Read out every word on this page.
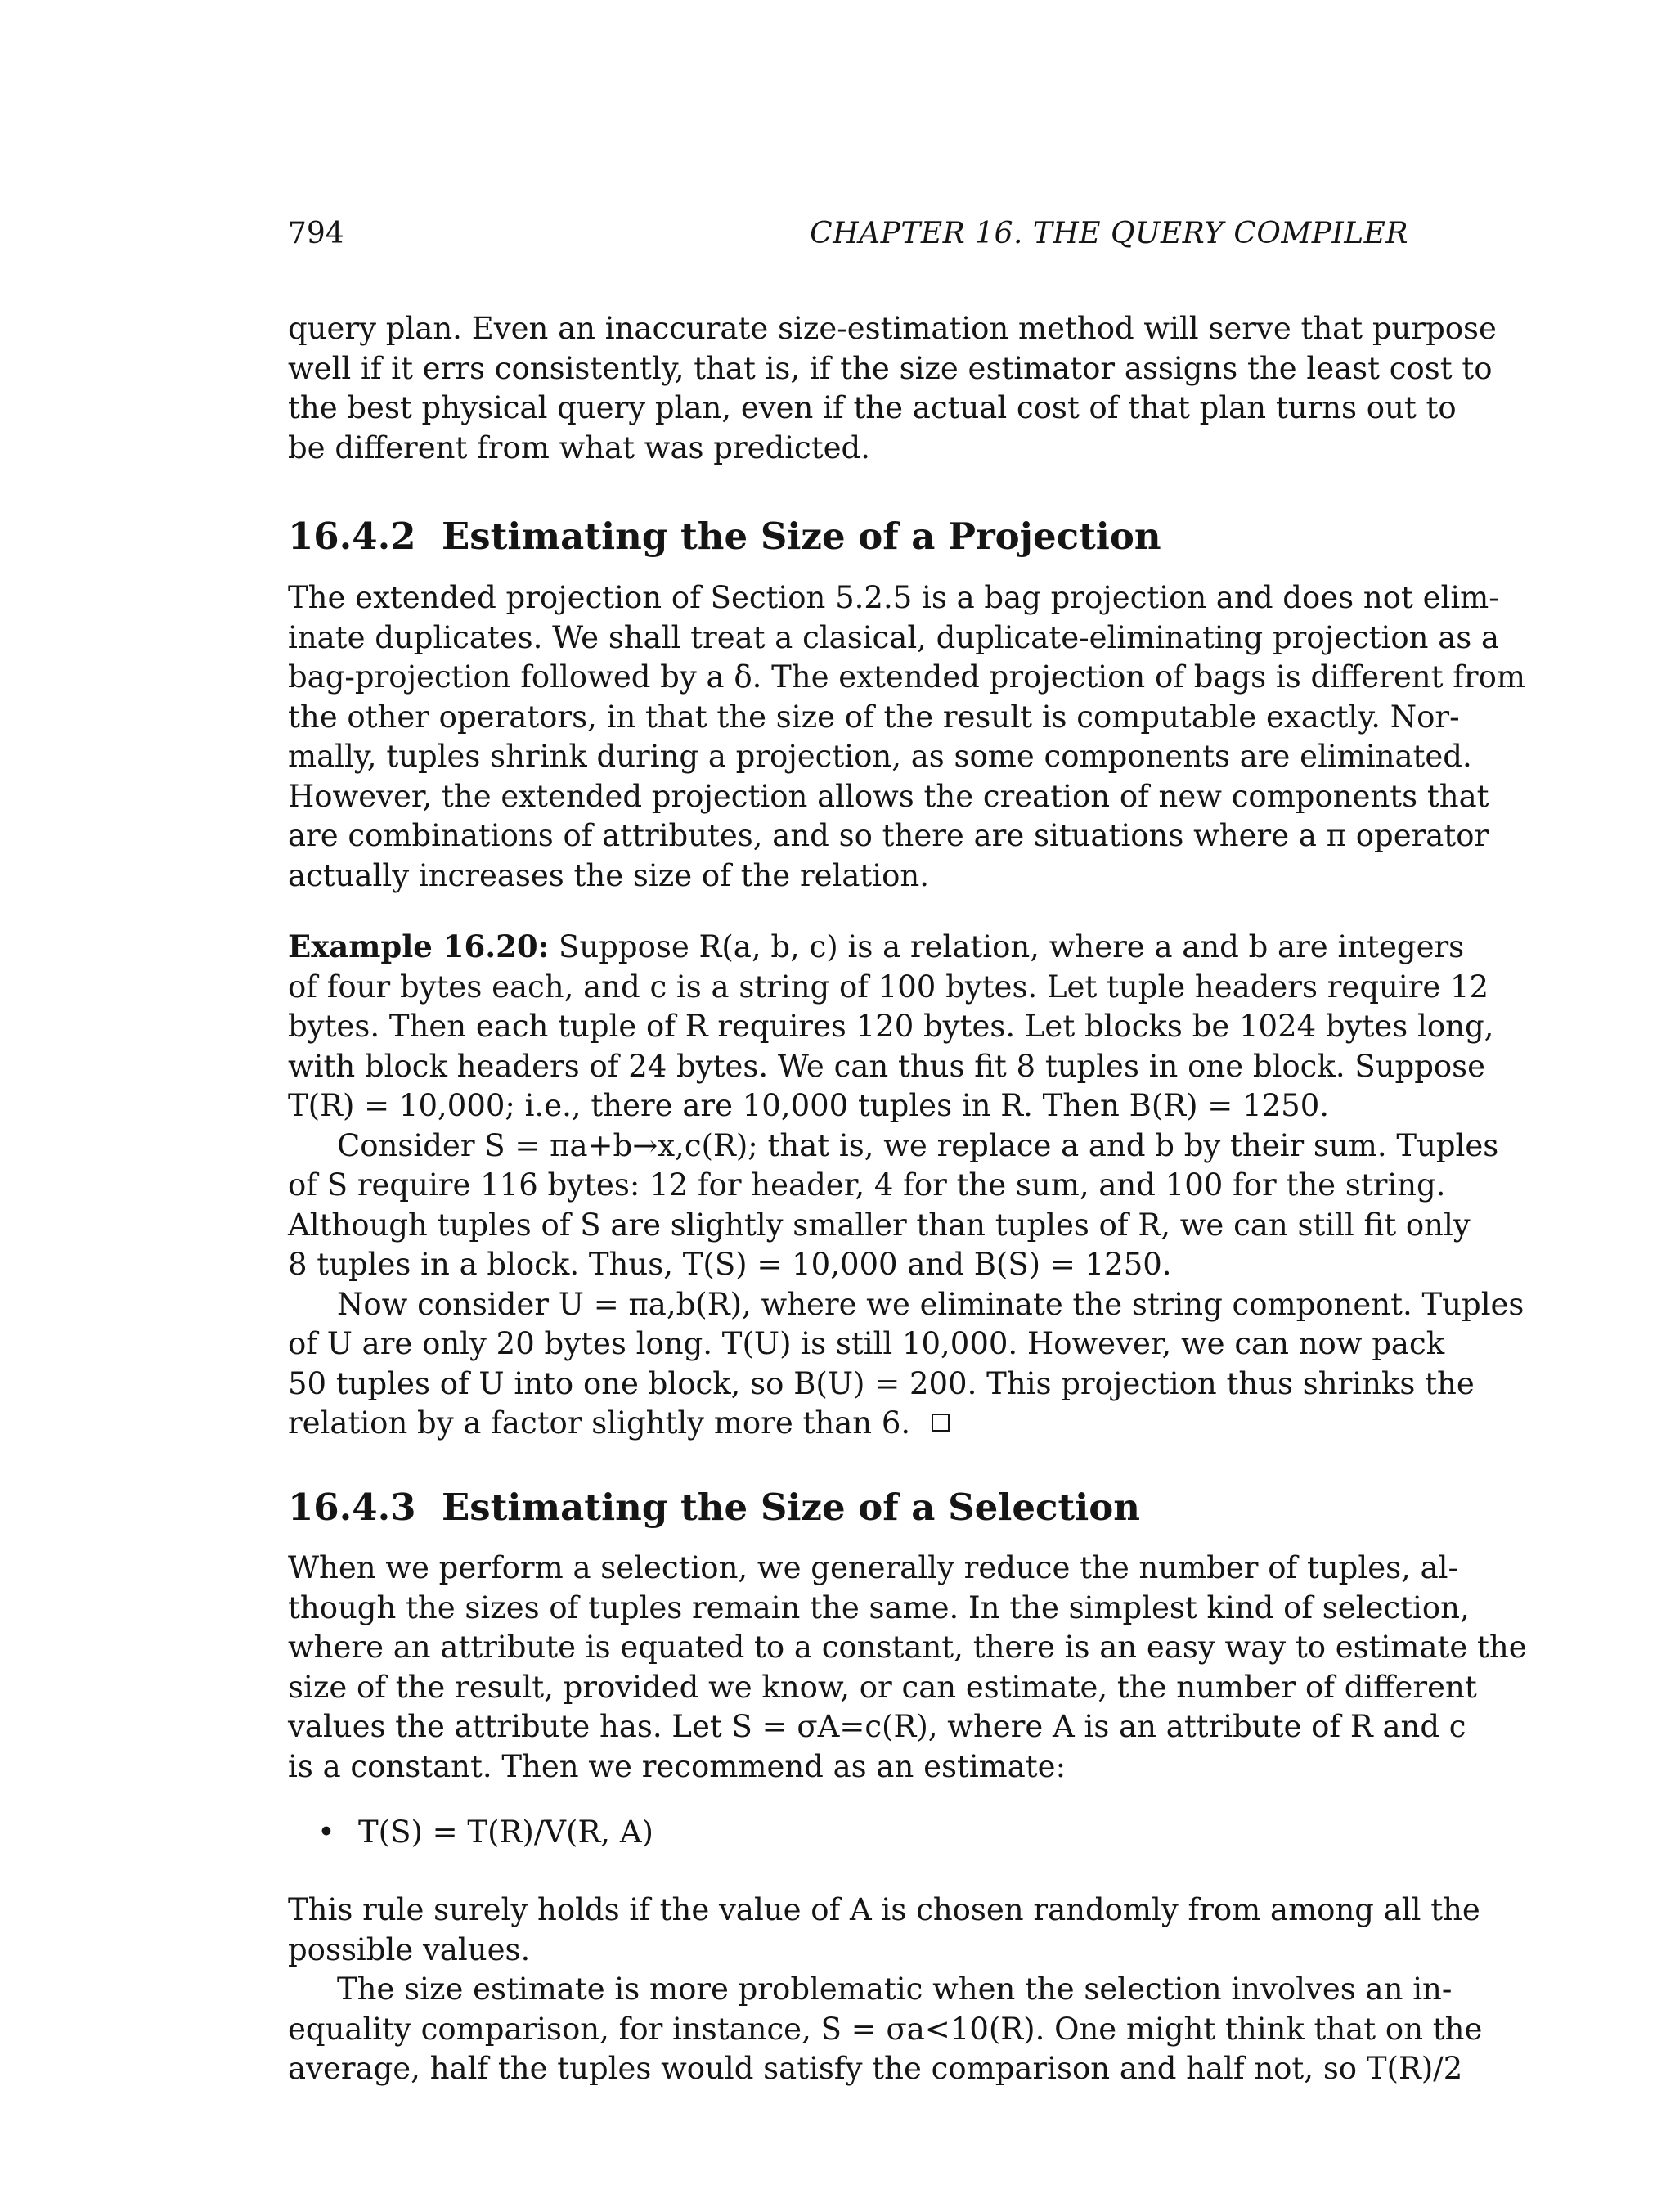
794	CHAPTER 16. THE QUERY COMPILER
query plan. Even an inaccurate size-estimation method will serve that purpose
well if it errs consistently, that is, if the size estimator assigns the least cost to
the best physical query plan, even if the actual cost of that plan turns out to
be different from what was predicted.
16.4.2 Estimating the Size of a Projection
The extended projection of Section 5.2.5 is a bag projection and does not elim-
inate duplicates. We shall treat a clasical, duplicate-eliminating projection as a
bag-projection followed by a δ. The extended projection of bags is different from
the other operators, in that the size of the result is computable exactly. Nor-
mally, tuples shrink during a projection, as some components are eliminated.
However, the extended projection allows the creation of new components that
are combinations of attributes, and so there are situations where a π operator
actually increases the size of the relation.
Example 16.20: Suppose R(a, b, c) is a relation, where a and b are integers
of four bytes each, and c is a string of 100 bytes. Let tuple headers require 12
bytes. Then each tuple of R requires 120 bytes. Let blocks be 1024 bytes long,
with block headers of 24 bytes. We can thus fit 8 tuples in one block. Suppose
T(R) = 10,000; i.e., there are 10,000 tuples in R. Then B(R) = 1250.
Consider S = πa+b→x,c(R); that is, we replace a and b by their sum. Tuples
of S require 116 bytes: 12 for header, 4 for the sum, and 100 for the string.
Although tuples of S are slightly smaller than tuples of R, we can still fit only
8 tuples in a block. Thus, T(S) = 10,000 and B(S) = 1250.
Now consider U = πa,b(R), where we eliminate the string component. Tuples
of U are only 20 bytes long. T(U) is still 10,000. However, we can now pack
50 tuples of U into one block, so B(U) = 200. This projection thus shrinks the
relation by a factor slightly more than 6.
16.4.3 Estimating the Size of a Selection
When we perform a selection, we generally reduce the number of tuples, al-
though the sizes of tuples remain the same. In the simplest kind of selection,
where an attribute is equated to a constant, there is an easy way to estimate the
size of the result, provided we know, or can estimate, the number of different
values the attribute has. Let S = σA=c(R), where A is an attribute of R and c
is a constant. Then we recommend as an estimate:
• T(S) = T(R)/V(R, A)
This rule surely holds if the value of A is chosen randomly from among all the
possible values.
The size estimate is more problematic when the selection involves an in-
equality comparison, for instance, S = σa<10(R). One might think that on the
average, half the tuples would satisfy the comparison and half not, so T(R)/2
